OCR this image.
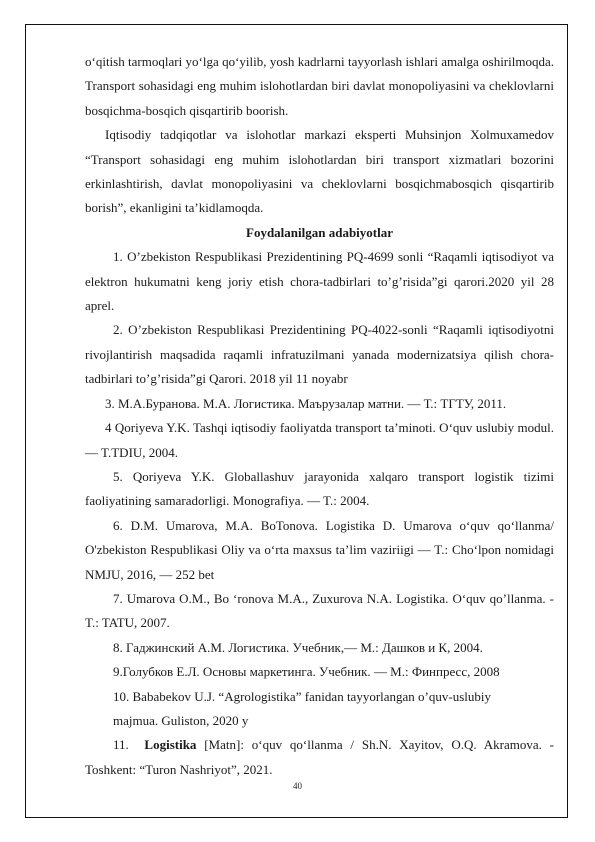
o‘qitish tarmoqlari yo‘lga qo‘yilib, yosh kadrlarni tayyorlash ishlari amalga oshirilmoqda. Transport sohasidagi eng muhim islohotlardan biri davlat monopoliyasini va cheklovlarni bosqichma-bosqich qisqartirib boorish.

Iqtisodiy tadqiqotlar va islohotlar markazi eksperti Muhsinjon Xolmuxamedov “Transport sohasidagi eng muhim islohotlardan biri transport xizmatlari bozorini erkinlashtirish, davlat monopoliyasini va cheklovlarni bosqichmabosqich qisqartirib borish”, ekanligini ta’kidlamoqda.

Foydalanilgan adabiyotlar

1. O’zbekiston Respublikasi Prezidentining PQ-4699 sonli “Raqamli iqtisodiyot va elektron hukumatni keng joriy etish chora-tadbirlari to’g’risida”gi qarori.2020 yil 28 aprel.

2. O’zbekiston Respublikasi Prezidentining PQ-4022-sonli “Raqamli iqtisodiyotni rivojlantirish maqsadida raqamli infratuzilmani yanada modernizatsiya qilish chora-tadbirlari to’g’risida”gi Qarori. 2018 yil 11 noyabr

3. М.А.Буранова. М.А. Логистика. Маърузалар матни. — Т.: ТГТУ, 2011.

4 Qoriyeva Y.K. Tashqi iqtisodiy faoliyatda transport ta’minoti. O‘quv uslubiy modul. — T.TDIU, 2004.

5. Qoriyeva Y.K. Globallashuv jarayonida xalqaro transport logistik tizimi faoliyatining samaradorligi. Monografiya. — T.: 2004.

6. D.M. Umarova, M.A. BoTonova. Logistika D. Umarova o‘quv qo‘llanma/ O'zbekiston Respublikasi Oliy va o‘rta maxsus ta’lim vaziriigi — T.: Cho‘lpon nomidagi NMJU, 2016, — 252 bet

7. Umarova O.M., Bo ‘ronova M.A., Zuxurova N.A. Logistika. O‘quv qo’llanma. - T.: TATU, 2007.

8. Гаджинский А.М. Логистика. Учебник,— М.: Дашков и К, 2004.

9.Голубков Е.Л. Основы маркетинга. Учебник. — М.: Финпресс, 2008

10. Bababekov U.J. “Agrologistika” fanidan tayyorlangan o’quv-uslubiy

majmua. Guliston, 2020 y

11. Logistika [Matn]: o‘quv qo‘llanma / Sh.N. Xayitov, O.Q. Akramova. - Toshkent: “Turon Nashriyot”, 2021.

40
